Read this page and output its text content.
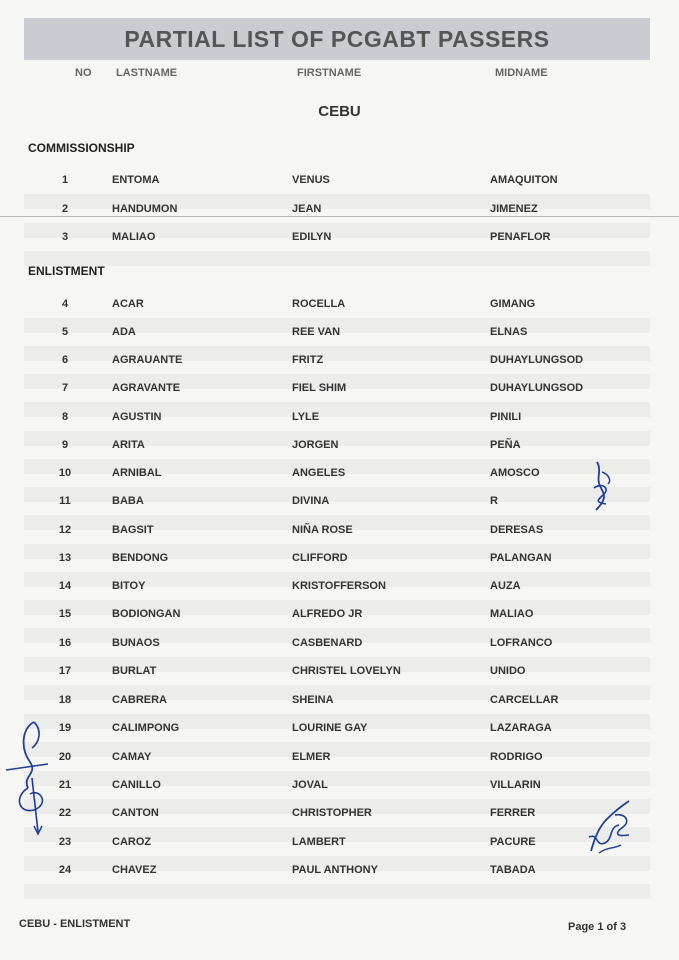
PARTIAL LIST OF PCGABT PASSERS
NO LASTNAME	FIRSTNAME	MIDNAME
CEBU
COMMISSIONSHIP
ENLISTMENT
1	ENTOMA	VENUS	AMAQUITON
2	HANDUMON	JEAN	JIMENEZ
3	MALIAO	EDILYN	PENAFLOR
4	ACAR	ROCELLA	GIMANG
5	ADA	REE VAN	ELNAS
6	AGRAUANTE	FRITZ	DUHAYLUNGSOD
7	AGRAVANTE	FIEL SHIM	DUHAYLUNGSOD
8	AGUSTIN	LYLE	PINILI
9	ARITA	JORGEN	PEÑA
10	ARNIBAL	ANGELES	AMOSCO
11	BABA	DIVINA	R
12	BAGSIT	NIÑA ROSE	DERESAS
13	BENDONG	CLIFFORD	PALANGAN
14	BITOY	KRISTOFFERSON	AUZA
15	BODIONGAN	ALFREDO JR	MALIAO
16	BUNAOS	CASBENARD	LOFRANCO
17	BURLAT	CHRISTEL LOVELYN	UNIDO
18	CABRERA	SHEINA	CARCELLAR
19	CALIMPONG	LOURINE GAY	LAZARAGA
20	CAMAY	ELMER	RODRIGO
21	CANILLO	JOVAL	VILLARIN
22	CANTON	CHRISTOPHER	FERRER
23	CAROZ	LAMBERT	PACURE
24	CHAVEZ	PAUL ANTHONY	TABADA
CEBU - ENLISTMENT	Page 1 of 3
